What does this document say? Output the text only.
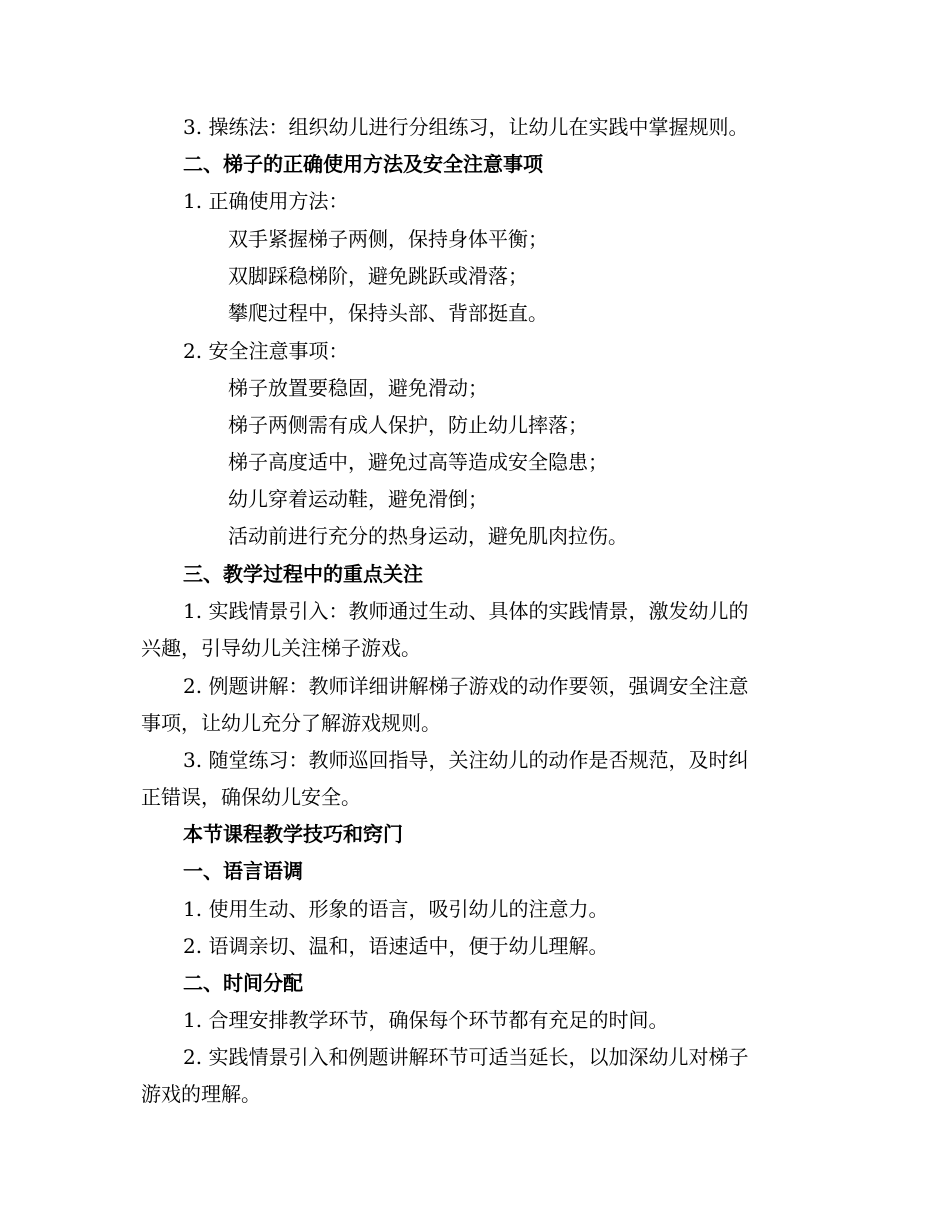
3. 操练法：组织幼儿进行分组练习，让幼儿在实践中掌握规则。
二、梯子的正确使用方法及安全注意事项
1. 正确使用方法：
双手紧握梯子两侧，保持身体平衡；
双脚踩稳梯阶，避免跳跃或滑落；
攀爬过程中，保持头部、背部挺直。
2. 安全注意事项：
梯子放置要稳固，避免滑动；
梯子两侧需有成人保护，防止幼儿摔落；
梯子高度适中，避免过高等造成安全隐患；
幼儿穿着运动鞋，避免滑倒；
活动前进行充分的热身运动，避免肌肉拉伤。
三、教学过程中的重点关注
1. 实践情景引入：教师通过生动、具体的实践情景，激发幼儿的
兴趣，引导幼儿关注梯子游戏。
2. 例题讲解：教师详细讲解梯子游戏的动作要领，强调安全注意
事项，让幼儿充分了解游戏规则。
3. 随堂练习：教师巡回指导，关注幼儿的动作是否规范，及时纠
正错误，确保幼儿安全。
本节课程教学技巧和窍门
一、语言语调
1. 使用生动、形象的语言，吸引幼儿的注意力。
2. 语调亲切、温和，语速适中，便于幼儿理解。
二、时间分配
1. 合理安排教学环节，确保每个环节都有充足的时间。
2. 实践情景引入和例题讲解环节可适当延长，以加深幼儿对梯子
游戏的理解。
